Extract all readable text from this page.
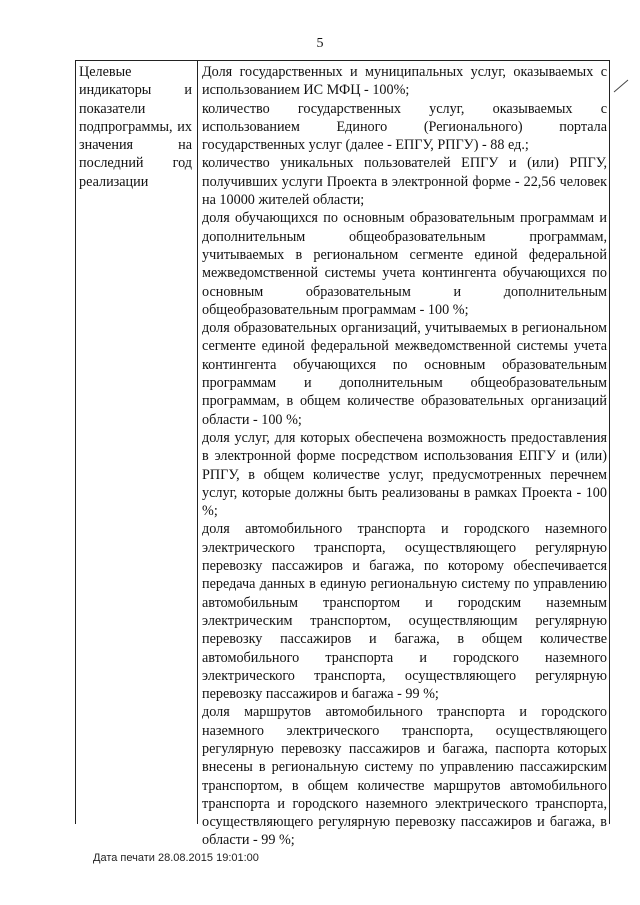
5
Целевые индикаторы и показатели подпрограммы, их значения на последний год реализации
Доля государственных и муниципальных услуг, оказываемых с использованием ИС МФЦ - 100%;
количество государственных услуг, оказываемых с использованием Единого (Регионального) портала государственных услуг (далее - ЕПГУ, РПГУ) - 88 ед.;
количество уникальных пользователей ЕПГУ и (или) РПГУ, получивших услуги Проекта в электронной форме - 22,56 человек на 10000 жителей области;
доля обучающихся по основным образовательным программам и дополнительным общеобразовательным программам, учитываемых в региональном сегменте единой федеральной межведомственной системы учета контингента обучающихся по основным образовательным и дополнительным общеобразовательным программам - 100 %;
доля образовательных организаций, учитываемых в региональном сегменте единой федеральной межведомственной системы учета контингента обучающихся по основным образовательным программам и дополнительным общеобразовательным программам, в общем количестве образовательных организаций области - 100 %;
доля услуг, для которых обеспечена возможность предоставления в электронной форме посредством использования ЕПГУ и (или) РПГУ, в общем количестве услуг, предусмотренных перечнем услуг, которые должны быть реализованы в рамках Проекта - 100 %;
доля автомобильного транспорта и городского наземного электрического транспорта, осуществляющего регулярную перевозку пассажиров и багажа, по которому обеспечивается передача данных в единую региональную систему по управлению автомобильным транспортом и городским наземным электрическим транспортом, осуществляющим регулярную перевозку пассажиров и багажа, в общем количестве автомобильного транспорта и городского наземного электрического транспорта, осуществляющего регулярную перевозку пассажиров и багажа - 99 %;
доля маршрутов автомобильного транспорта и городского наземного электрического транспорта, осуществляющего регулярную перевозку пассажиров и багажа, паспорта которых внесены в региональную систему по управлению пассажирским транспортом, в общем количестве маршрутов автомобильного транспорта и городского наземного электрического транспорта, осуществляющего регулярную перевозку пассажиров и багажа, в области - 99 %;
Дата печати 28.08.2015 19:01:00
